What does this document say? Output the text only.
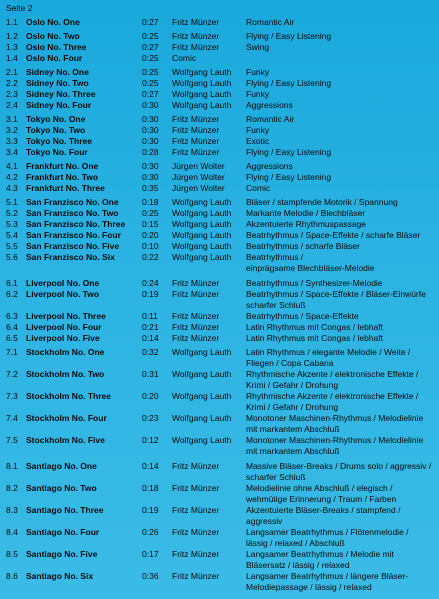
Seite 2
1.1 Oslo No. One	0:27 Fritz Münzer	Romantic Air
1.2 Oslo No. Two	0:25 Fritz Münzer	Flying / Easy Listening
1.3 Oslo No. Three	0:27 Fritz Münzer	Swing
1.4 Oslo No. Four	0:25 Comic
2.1 Sidney No. One	0:25 Wolfgang Lauth Funky
2.2 Sidney No. Two	0:25 Wolfgang Lauth Flying / Easy Listening
2.3 Sidney No. Three	0:27 Wolfgang Lauth Funky
2.4 Sidney No. Four	0:30 Wolfgang Lauth Aggressions
3.1 Tokyo No. One	0:30 Fritz Münzer	Romantic Air
3.2 Tokyo No. Two	0:30 Fritz Münzer	Funky
3.3 Tokyo No. Three	0:30 Fritz Münzer	Exotic
3.4 Tokyo No. Four	0:28 Fritz Münzer	Flying / Easy Listening
4.1 Frankfurt No. One	0:30 Jürgen Wolter Aggressions
4.2 Frankfurt No. Two	0:30 Jürgen Wolter Flying / Easy Listening
4.3 Frankfurt No. Three	0:35 Jürgen Wolter Comic
5.1 San Franzisco No. One	0:18 Wolfgang Lauth Bläser / stampfende Motorik / Spannung
5.2 San Franzisco No. Two	0:25 Wolfgang Lauth Markante Melodie / Blechbläser
5.3 San Franzisco No. Three 0:15 Wolfgang Lauth Akzentuierte Rhythmuspassage
5.4 San Franzisco No. Four 0:20 Wolfgang Lauth Beatrhythmus / Space-Effekte / scharfe Bläser
5.5 San Franzisco No. Five	0:10 Wolfgang Lauth Beatrhythmus / scharfe Bläser
5.6 San Franzisco No. Six	0:22 Wolfgang Lauth Beatrhythmus /
einprägsame Blechbläser-Melodie
6.1 Liverpool No. One	0:24 Fritz Münzer	Beatrhythmus / Synthesizer-Melodie
6.2 Liverpool No. Two	0:19 Fritz Münzer	Beatrhythmus / Space-Effekte / Bläser-Einwürfe
scharfer Schluß
6.3 Liverpool No. Three	0:11 Fritz Münzer	Beatrhythmus / Space-Effekte
6.4 Liverpool No. Four	0:21 Fritz Münzer	Latin Rhythmus mit Congas / lebhaft
6.5 Liverpool No. Five	0:14 Fritz Münzer	Latin Rhythmus mit Congas / lebhaft
7.1 Stockholm No. One	0:32 Wolfgang Lauth Latin Rhythmus / elegante Melodie / Weite /
Fliegen / Copa Cabana
7.2 Stockholm No. Two	0:31 Wolfgang Lauth Rhythmische Akzente / elektronische Effekte /
Krimi / Gefahr / Drohung
7.3 Stockholm No. Three	0:20 Wolfgang Lauth Rhythmische Akzente / elektronische Effekte /
Krimi / Gefahr / Drohung
7.4 Stockholm No. Four	0:23 Wolfgang Lauth Monotoner Maschinen-Rhythmus / Melodielinie
mit markantem Abschluß
7.5 Stockholm No. Five	0:12 Wolfgang Lauth Monotoner Maschinen-Rhythmus / Melodielinie
mit markantem Abschluß
8.1 Santiago No. One	0:14 Fritz Münzer	Massive Bläser-Breaks / Drums solo / aggressiv /
scharfer Schluß
8.2 Santiago No. Two	0:18 Fritz Münzer	Melodielinie ohne Abschluß / elegisch /
wehmütige Erinnerung / Traum / Farben
8.3 Santiago No. Three	0:19 Fritz Münzer	Akzentuierte Bläser-Breaks / stampfend /
aggressiv
8.4 Santiago No. Four	0:26 Fritz Münzer	Langsamer Beatrhythmus / Flötenmelodie /
lässig / relaxed / Abschluß
8.5 Santiago No. Five	0:17 Fritz Münzer	Langsamer Beatrhythmus / Melodie mit
Bläsersatz / lässig / relaxed
8.6 Santiago No. Six	0:36 Fritz Münzer	Langsamer Beatrhythmus / längere Bläser-
Melodiepassage / lässig / relaxed
